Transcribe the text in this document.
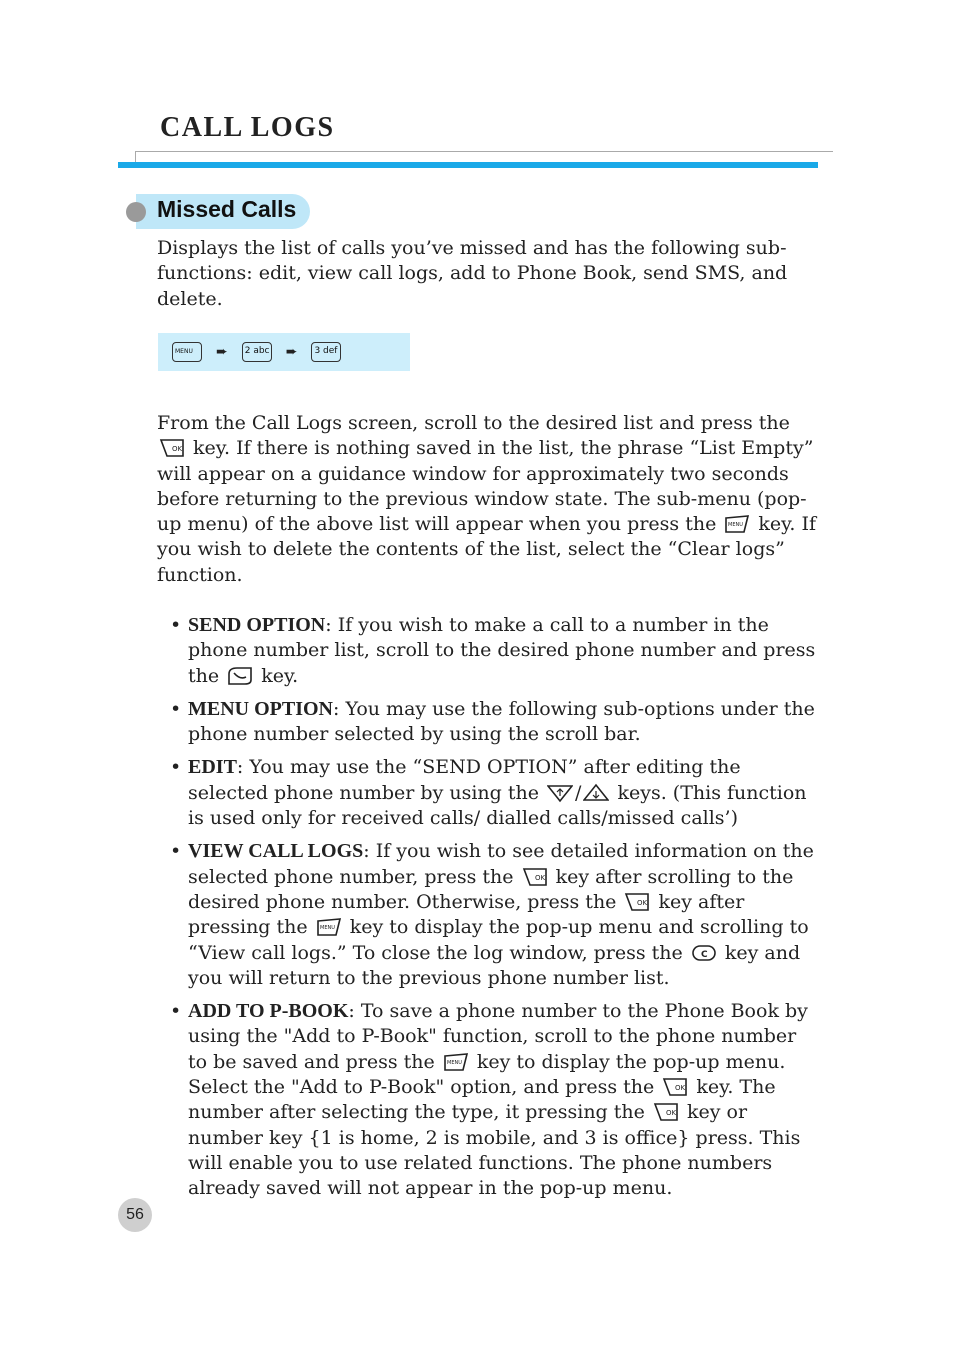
CALL LOGS
Missed Calls

Displays the list of calls you’ve missed and has the following sub-functions: edit, view call logs, add to Phone Book, send SMS, and delete.

MENU ➨ 2 abc ➨ 3 def

From the Call Logs screen, scroll to the desired list and press the
OK key. If there is nothing saved in the list, the phrase “List Empty” will appear on a guidance window for approximately two seconds before returning to the previous window state. The sub-menu (pop-up menu) of the above list will appear when you press the MENU key. If you wish to delete the contents of the list, select the “Clear logs” function.

• SEND OPTION: If you wish to make a call to a number in the phone number list, scroll to the desired phone number and press the key.
• MENU OPTION: You may use the following sub-options under the phone number selected by using the scroll bar.
• EDIT: You may use the “SEND OPTION” after editing the selected phone number by using the / keys. (This function is used only for received calls/ dialled calls/missed calls’)
• VIEW CALL LOGS: If you wish to see detailed information on the selected phone number, press the	OK key after scrolling to the desired phone number. Otherwise, press the	OK key after pressing the MENU key to display the pop-up menu and scrolling to “View call logs.” To close the log window, press the C key and you will return to the previous phone number list.
• ADD TO P-BOOK: To save a phone number to the Phone Book by using the "Add to P-Book" function, scroll to the phone number to be saved and press the MENU key to display the pop-up menu. Select the "Add to P-Book" option, and press the	OK key. The number after selecting the type, it pressing the	OK key or number key {1 is home, 2 is mobile, and 3 is office} press. This will enable you to use related functions. The phone numbers already saved will not appear in the pop-up menu.
56
